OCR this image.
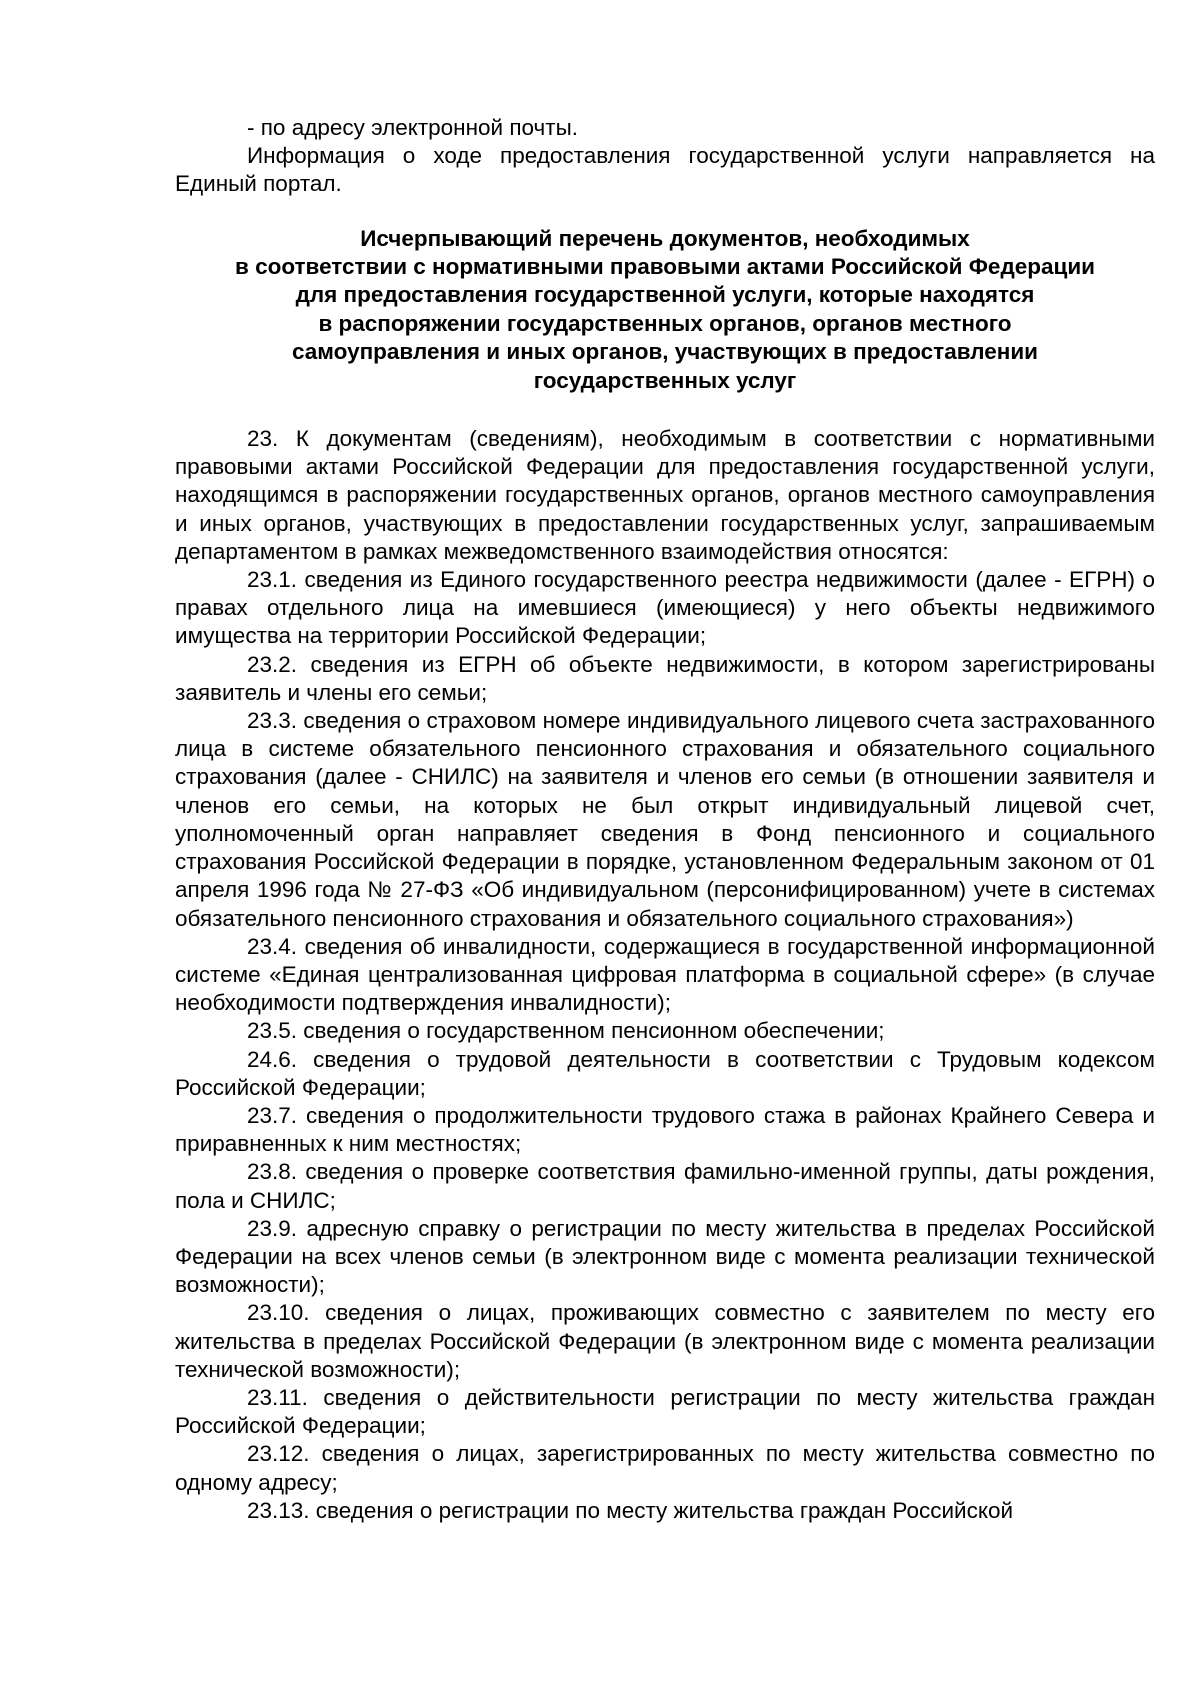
- по адресу электронной почты.

Информация о ходе предоставления государственной услуги направляется на Единый портал.

Исчерпывающий перечень документов, необходимых
в соответствии с нормативными правовыми актами Российской Федерации
для предоставления государственной услуги, которые находятся
в распоряжении государственных органов, органов местного
самоуправления и иных органов, участвующих в предоставлении
государственных услуг

23. К документам (сведениям), необходимым в соответствии с нормативными правовыми актами Российской Федерации для предоставления государственной услуги, находящимся в распоряжении государственных органов, органов местного самоуправления и иных органов, участвующих в предоставлении государственных услуг, запрашиваемым департаментом в рамках межведомственного взаимодействия относятся:

23.1. сведения из Единого государственного реестра недвижимости (далее - ЕГРН) о правах отдельного лица на имевшиеся (имеющиеся) у него объекты недвижимого имущества на территории Российской Федерации;

23.2. сведения из ЕГРН об объекте недвижимости, в котором зарегистрированы заявитель и члены его семьи;

23.3. сведения о страховом номере индивидуального лицевого счета застрахованного лица в системе обязательного пенсионного страхования и обязательного социального страхования (далее - СНИЛС) на заявителя и членов его семьи (в отношении заявителя и членов его семьи, на которых не был открыт индивидуальный лицевой счет, уполномоченный орган направляет сведения в Фонд пенсионного и социального страхования Российской Федерации в порядке, установленном Федеральным законом от 01 апреля 1996 года № 27-ФЗ «Об индивидуальном (персонифицированном) учете в системах обязательного пенсионного страхования и обязательного социального страхования»)

23.4. сведения об инвалидности, содержащиеся в государственной информационной системе «Единая централизованная цифровая платформа в социальной сфере» (в случае необходимости подтверждения инвалидности);

23.5. сведения о государственном пенсионном обеспечении;

24.6. сведения о трудовой деятельности в соответствии с Трудовым кодексом Российской Федерации;

23.7. сведения о продолжительности трудового стажа в районах Крайнего Севера и приравненных к ним местностях;

23.8. сведения о проверке соответствия фамильно-именной группы, даты рождения, пола и СНИЛС;

23.9. адресную справку о регистрации по месту жительства в пределах Российской Федерации на всех членов семьи (в электронном виде с момента реализации технической возможности);

23.10. сведения о лицах, проживающих совместно с заявителем по месту его жительства в пределах Российской Федерации (в электронном виде с момента реализации технической возможности);

23.11. сведения о действительности регистрации по месту жительства граждан Российской Федерации;

23.12. сведения о лицах, зарегистрированных по месту жительства совместно по одному адресу;

23.13. сведения о регистрации по месту жительства граждан Российской
